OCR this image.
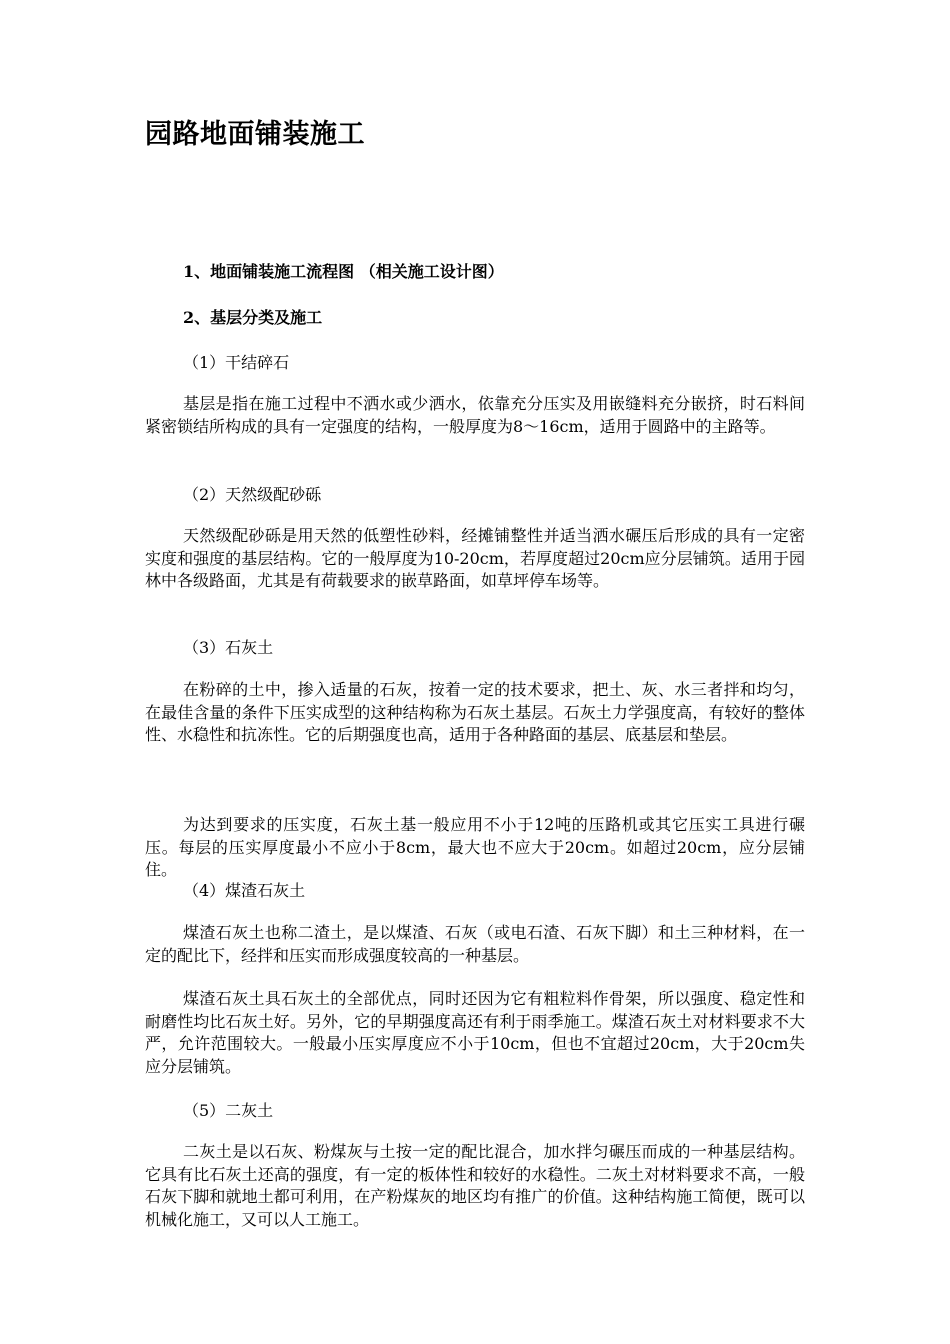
园路地面铺装施工

1、地面铺装施工流程图 （相关施工设计图）

2、基层分类及施工

（1）干结碎石

基层是指在施工过程中不洒水或少洒水，依靠充分压实及用嵌缝料充分嵌挤，时石料间紧密锁结所构成的具有一定强度的结构，一般厚度为8～16cm，适用于圆路中的主路等。

（2）天然级配砂砾

天然级配砂砾是用天然的低塑性砂料，经摊铺整性并适当洒水碾压后形成的具有一定密实度和强度的基层结构。它的一般厚度为10-20cm，若厚度超过20cm应分层铺筑。适用于园林中各级路面，尤其是有荷载要求的嵌草路面，如草坪停车场等。

（3）石灰土

在粉碎的土中，掺入适量的石灰，按着一定的技术要求，把土、灰、水三者拌和均匀，在最佳含量的条件下压实成型的这种结构称为石灰土基层。石灰土力学强度高，有较好的整体性、水稳性和抗冻性。它的后期强度也高，适用于各种路面的基层、底基层和垫层。

为达到要求的压实度，石灰土基一般应用不小于12吨的压路机或其它压实工具进行碾压。每层的压实厚度最小不应小于8cm，最大也不应大于20cm。如超过20cm，应分层铺住。

（4）煤渣石灰土

煤渣石灰土也称二渣土，是以煤渣、石灰（或电石渣、石灰下脚）和土三种材料，在一定的配比下，经拌和压实而形成强度较高的一种基层。

煤渣石灰土具石灰土的全部优点，同时还因为它有粗粒料作骨架，所以强度、稳定性和耐磨性均比石灰土好。另外，它的早期强度高还有利于雨季施工。煤渣石灰土对材料要求不大严，允许范围较大。一般最小压实厚度应不小于10cm，但也不宜超过20cm，大于20cm失应分层铺筑。

（5）二灰土

二灰土是以石灰、粉煤灰与土按一定的配比混合，加水拌匀碾压而成的一种基层结构。它具有比石灰土还高的强度，有一定的板体性和较好的水稳性。二灰土对材料要求不高，一般石灰下脚和就地土都可利用，在产粉煤灰的地区均有推广的价值。这种结构施工简便，既可以机械化施工，又可以人工施工。
